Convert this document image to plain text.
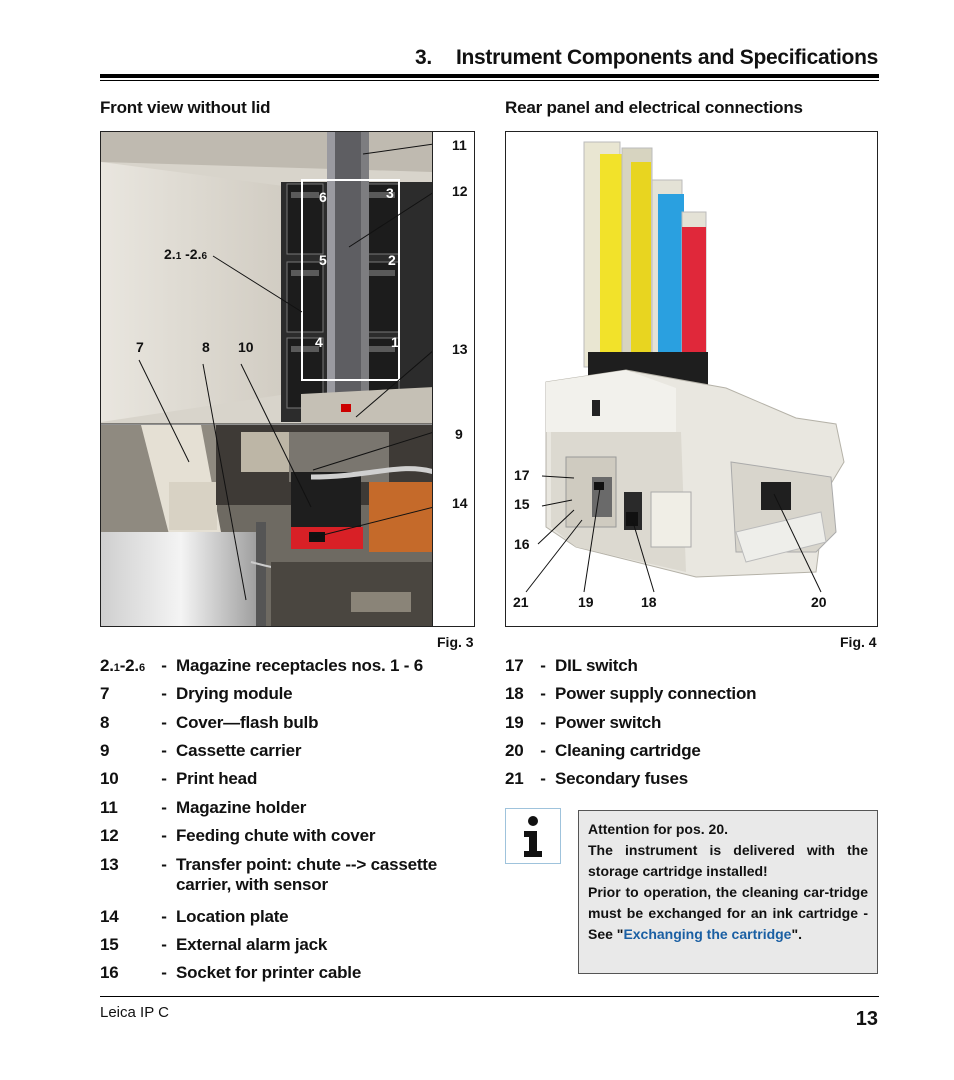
3. Instrument Components and Specifications
Front view without lid	Rear panel and electrical connections
11
12
13
9
14
7	8 10
2.1 -2.6
6	3
5	2
4	1
Fig. 3
17
15
16
21	19	18	20
Fig. 4
2.1-2.6 - Magazine receptacles nos. 1 - 6
7	- Drying module
8	- Cover—flash bulb
9	- Cassette carrier
10	- Print head
11	- Magazine holder
12	- Feeding chute with cover
13	- Transfer point: chute --> cassette
carrier, with sensor
14	- Location plate
15	- External alarm jack
16	- Socket for printer cable
17 - DIL switch
18 - Power supply connection
19 - Power switch
20 - Cleaning cartridge
21 - Secondary fuses

Attention for pos. 20.

The instrument is delivered with the storage cartridge installed!

Prior to operation, the cleaning car-tridge must be exchanged for an ink cartridge - See "Exchanging the cartridge".

Leica IP C	13
